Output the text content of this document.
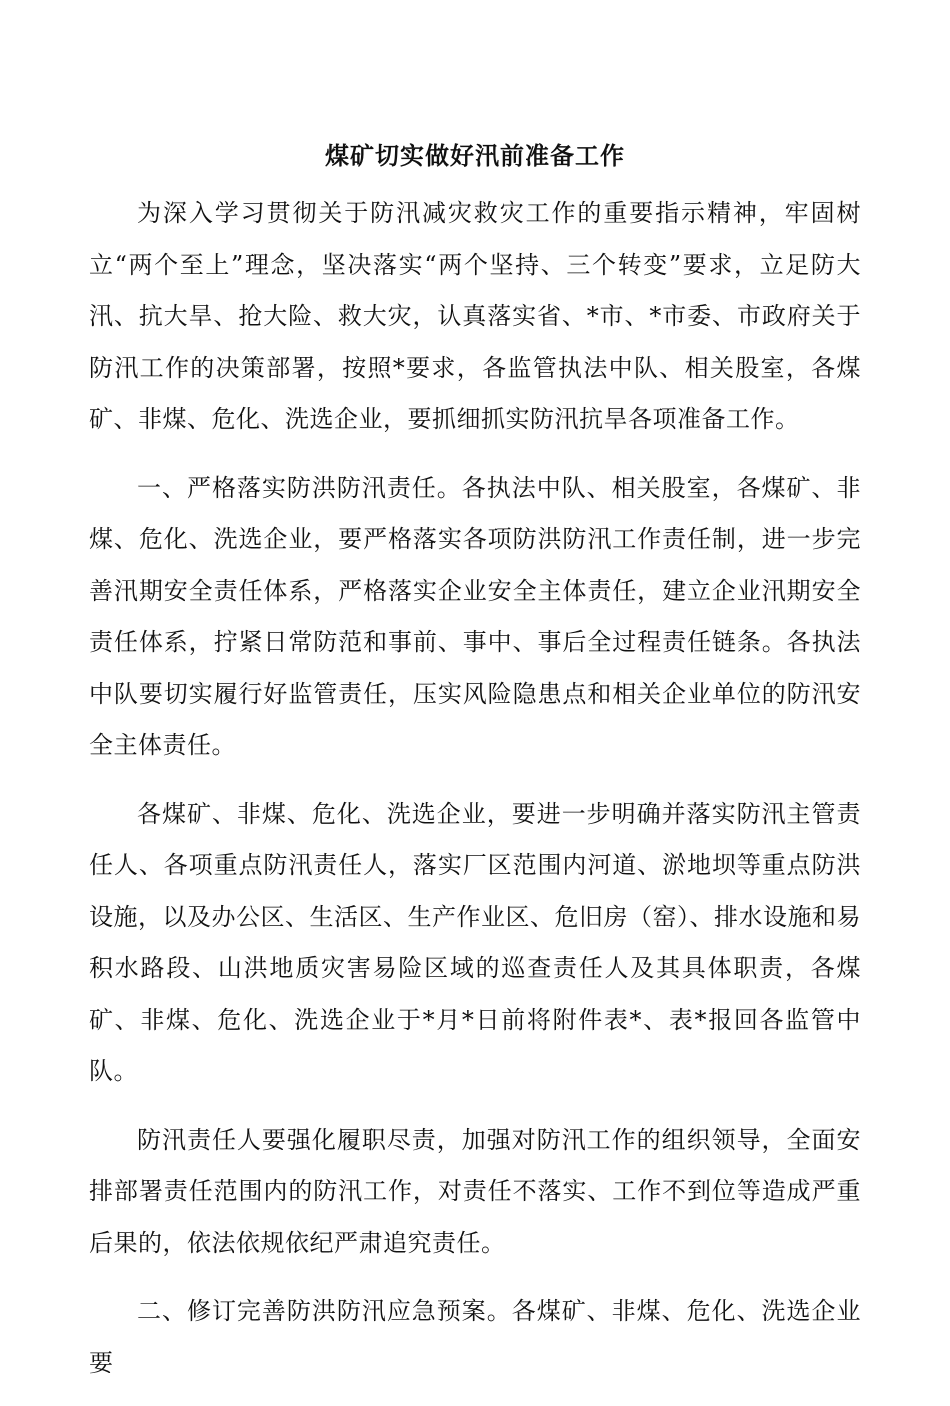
煤矿切实做好汛前准备工作

为深入学习贯彻关于防汛减灾救灾工作的重要指示精神，牢固树立“两个至上”理念，坚决落实“两个坚持、三个转变”要求，立足防大汛、抗大旱、抢大险、救大灾，认真落实省、*市、*市委、市政府关于防汛工作的决策部署，按照*要求，各监管执法中队、相关股室，各煤矿、非煤、危化、洗选企业，要抓细抓实防汛抗旱各项准备工作。

一、严格落实防洪防汛责任。各执法中队、相关股室，各煤矿、非煤、危化、洗选企业，要严格落实各项防洪防汛工作责任制，进一步完善汛期安全责任体系，严格落实企业安全主体责任，建立企业汛期安全责任体系，拧紧日常防范和事前、事中、事后全过程责任链条。各执法中队要切实履行好监管责任，压实风险隐患点和相关企业单位的防汛安全主体责任。

各煤矿、非煤、危化、洗选企业，要进一步明确并落实防汛主管责任人、各项重点防汛责任人，落实厂区范围内河道、淤地坝等重点防洪设施，以及办公区、生活区、生产作业区、危旧房（窑）、排水设施和易积水路段、山洪地质灾害易险区域的巡查责任人及其具体职责，各煤矿、非煤、危化、洗选企业于*月*日前将附件表*、表*报回各监管中队。

防汛责任人要强化履职尽责，加强对防汛工作的组织领导，全面安排部署责任范围内的防汛工作，对责任不落实、工作不到位等造成严重后果的，依法依规依纪严肃追究责任。

二、修订完善防洪防汛应急预案。各煤矿、非煤、危化、洗选企业要
